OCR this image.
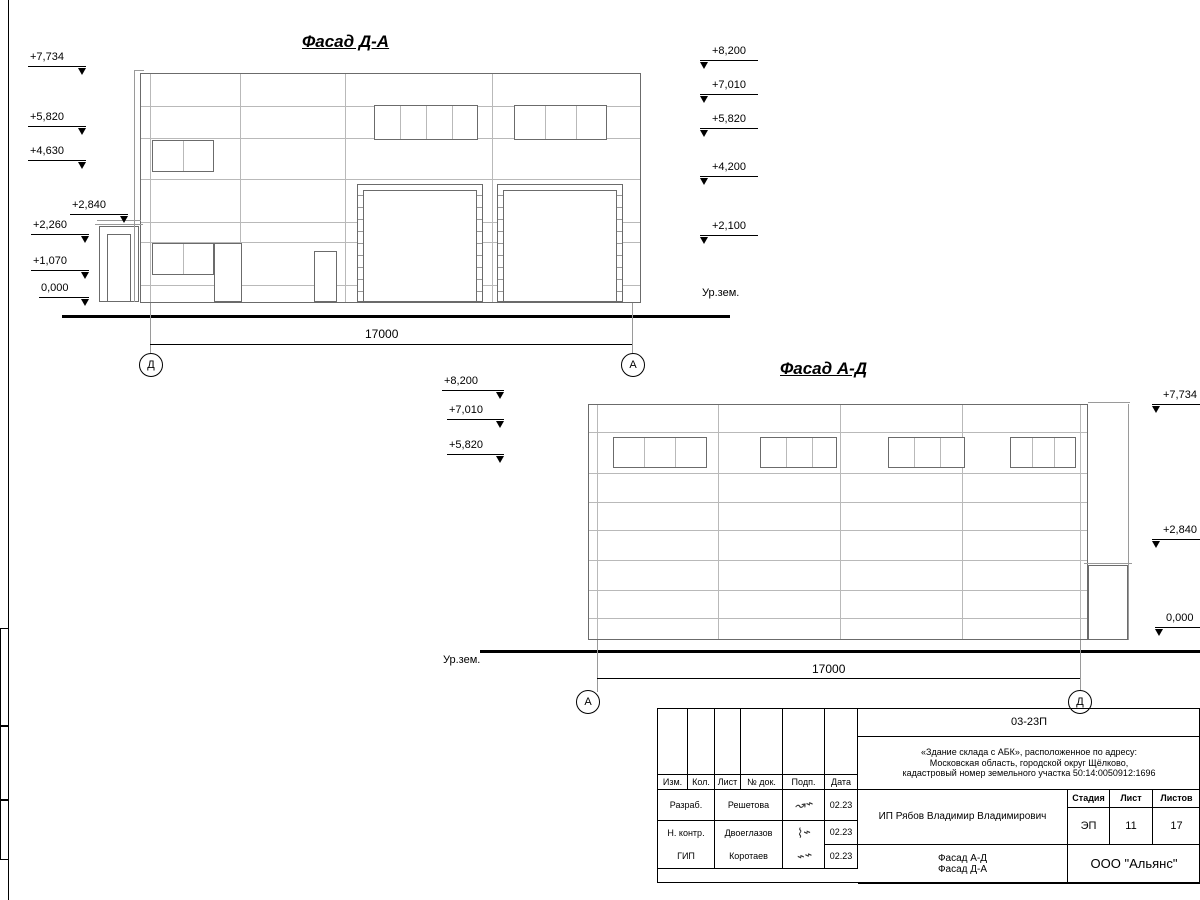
Фасад Д-А
Ур.зем.
+7,734
+5,820
+4,630
+2,840
+2,260
+1,070
0,000
+8,200
+7,010
+5,820
+4,200
+2,100
17000
Д	А	Фасад А-Д
Ур.зем.
+8,200
+7,010
+5,820
+7,734
+2,840
0,000
17000
А	Д
Изм.	Кол. Лист	№ док.	Подп.	Дата
Разраб.	Решетова	↝⌁	02.23
Н. контр.	Двоеглазов	⌇⌁	02.23
ГИП	Коротаев	⌁⌁	02.23
03-23П
«Здание склада с АБК», расположенное по адресу:
Московская область, городской округ Щёлково,
кадастровый номер земельного участка 50:14:0050912:1696
ИП Рябов Владимир Владимирович
Стадия	Лист	Листов
ЭП	11	17
Фасад А-Д
Фасад Д-А	ООО "Альянс"
